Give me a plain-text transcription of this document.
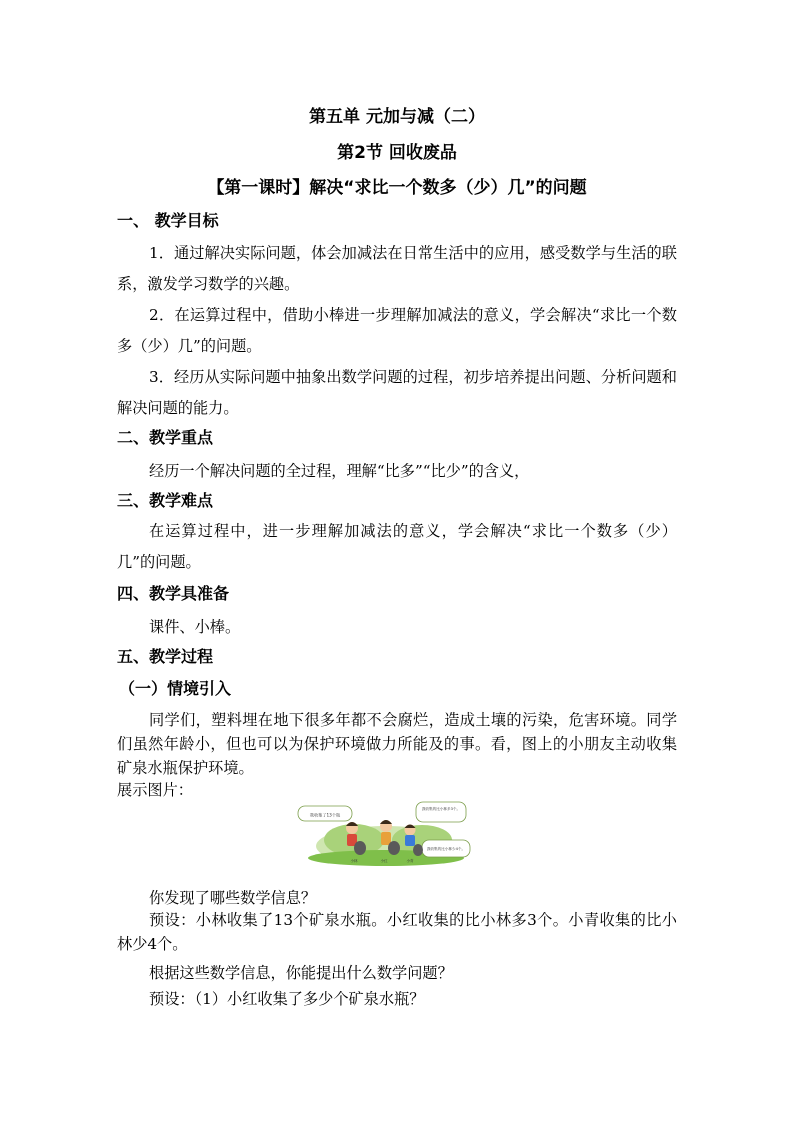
第五单 元加与减（二）
第2节 回收废品
【第一课时】解决“求比一个数多（少）几”的问题
一、 教学目标
1．通过解决实际问题，体会加减法在日常生活中的应用，感受数学与生活的联系，激发学习数学的兴趣。
2．在运算过程中，借助小棒进一步理解加减法的意义，学会解决“求比一个数多（少）几”的问题。
3．经历从实际问题中抽象出数学问题的过程，初步培养提出问题、分析问题和解决问题的能力。
二、教学重点
经历一个解决问题的全过程，理解“比多”“比少”的含义，
三、教学难点
在运算过程中，进一步理解加减法的意义，学会解决“求比一个数多（少）几”的问题。
四、教学具准备
课件、小棒。
五、教学过程
（一）情境引入
同学们，塑料埋在地下很多年都不会腐烂，造成土壤的污染，危害环境。同学们虽然年龄小，但也可以为保护环境做力所能及的事。看，图上的小朋友主动收集矿泉水瓶保护环境。
展示图片：
我收集了13个瓶
我收集的比小林多3个。
我收集的比小林少4个。
小林	小红	小青
你发现了哪些数学信息？
预设：小林收集了13个矿泉水瓶。小红收集的比小林多3个。小青收集的比小林少4个。
根据这些数学信息，你能提出什么数学问题？
预设：（1）小红收集了多少个矿泉水瓶？
